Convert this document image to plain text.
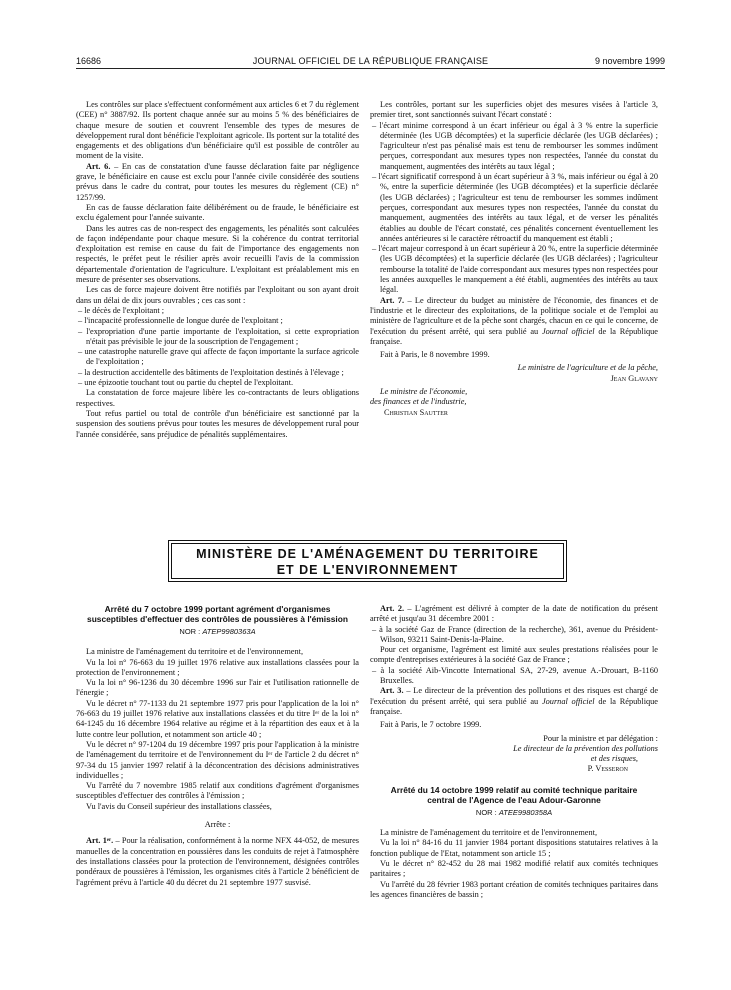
16686	JOURNAL OFFICIEL DE LA RÉPUBLIQUE FRANÇAISE	9 novembre 1999

Les contrôles sur place s'effectuent conformément aux articles 6 et 7 du règlement (CEE) n° 3887/92. Ils portent chaque année sur au moins 5 % des bénéficiaires de chaque mesure de soutien et couvrent l'ensemble des types de mesures de développement rural dont bénéficie l'exploitant agricole. Ils portent sur la totalité des engagements et des obligations d'un bénéficiaire qu'il est possible de contrôler au moment de la visite.

Art. 6. – En cas de constatation d'une fausse déclaration faite par négligence grave, le bénéficiaire en cause est exclu pour l'année civile considérée des soutiens prévus dans le cadre du contrat, pour toutes les mesures du règlement (CE) n° 1257/99.

En cas de fausse déclaration faite délibérément ou de fraude, le bénéficiaire est exclu également pour l'année suivante.

Dans les autres cas de non-respect des engagements, les pénalités sont calculées de façon indépendante pour chaque mesure. Si la cohérence du contrat territorial d'exploitation est remise en cause du fait de l'importance des engagements non respectés, le préfet peut le résilier après avoir recueilli l'avis de la commission départementale d'orientation de l'agriculture. L'exploitant est préalablement mis en mesure de présenter ses observations.

Les cas de force majeure doivent être notifiés par l'exploitant ou son ayant droit dans un délai de dix jours ouvrables ; ces cas sont :

– le décès de l'exploitant ;
– l'incapacité professionnelle de longue durée de l'exploitant ;
– l'expropriation d'une partie importante de l'exploitation, si cette expropriation n'était pas prévisible le jour de la souscription de l'engagement ;
– une catastrophe naturelle grave qui affecte de façon importante la surface agricole de l'exploitation ;
– la destruction accidentelle des bâtiments de l'exploitation destinés à l'élevage ;
– une épizootie touchant tout ou partie du cheptel de l'exploitant.

La constatation de force majeure libère les co-contractants de leurs obligations respectives.

Tout refus partiel ou total de contrôle d'un bénéficiaire est sanctionné par la suspension des soutiens prévus pour toutes les mesures de développement rural pour l'année considérée, sans préjudice de pénalités supplémentaires.

Les contrôles, portant sur les superficies objet des mesures visées à l'article 3, premier tiret, sont sanctionnés suivant l'écart constaté :

– l'écart minime correspond à un écart inférieur ou égal à 3 % entre la superficie déterminée (les UGB décomptées) et la superficie déclarée (les UGB déclarées) ; l'agriculteur n'est pas pénalisé mais est tenu de rembourser les sommes indûment perçues, correspondant aux mesures types non respectées, l'année du constat du manquement, augmentées des intérêts au taux légal ;
– l'écart significatif correspond à un écart supérieur à 3 %, mais inférieur ou égal à 20 %, entre la superficie déterminée (les UGB décomptées) et la superficie déclarée (les UGB déclarées) ; l'agriculteur est tenu de rembourser les sommes indûment perçues, correspondant aux mesures types non respectées, l'année du constat du manquement, augmentées des intérêts au taux légal, et de verser les pénalités établies au double de l'écart constaté, ces pénalités concernent éventuellement les années antérieures si le caractère rétroactif du manquement est établi ;
– l'écart majeur correspond à un écart supérieur à 20 %, entre la superficie déterminée (les UGB décomptées) et la superficie déclarée (les UGB déclarées) ; l'agriculteur rembourse la totalité de l'aide correspondant aux mesures types non respectées pour les années auxquelles le manquement a été établi, augmentées des intérêts au taux légal.

Art. 7. – Le directeur du budget au ministère de l'économie, des finances et de l'industrie et le directeur des exploitations, de la politique sociale et de l'emploi au ministère de l'agriculture et de la pêche sont chargés, chacun en ce qui le concerne, de l'exécution du présent arrêté, qui sera publié au Journal officiel de la République française.

Fait à Paris, le 8 novembre 1999.

Le ministre de l'agriculture et de la pêche,

Jean Glavany

Le ministre de l'économie,

des finances et de l'industrie,

Christian Sautter

MINISTÈRE DE L'AMÉNAGEMENT DU TERRITOIRE
ET DE L'ENVIRONNEMENT
Arrêté du 7 octobre 1999 portant agrément d'organismes susceptibles d'effectuer des contrôles de poussières à l'émission
NOR : ATEP9980363A

La ministre de l'aménagement du territoire et de l'environnement,

Vu la loi n° 76-663 du 19 juillet 1976 relative aux installations classées pour la protection de l'environnement ;

Vu la loi n° 96-1236 du 30 décembre 1996 sur l'air et l'utilisation rationnelle de l'énergie ;

Vu le décret n° 77-1133 du 21 septembre 1977 pris pour l'application de la loi n° 76-663 du 19 juillet 1976 relative aux installations classées et du titre Iᵉʳ de la loi n° 64-1245 du 16 décembre 1964 relative au régime et à la répartition des eaux et à la lutte contre leur pollution, et notamment son article 40 ;

Vu le décret n° 97-1204 du 19 décembre 1997 pris pour l'application à la ministre de l'aménagement du territoire et de l'environnement du Iᵉʳ de l'article 2 du décret n° 97-34 du 15 janvier 1997 relatif à la déconcentration des décisions administratives individuelles ;

Vu l'arrêté du 7 novembre 1985 relatif aux conditions d'agrément d'organismes susceptibles d'effectuer des contrôles à l'émission ;

Vu l'avis du Conseil supérieur des installations classées,

Arrête :

Art. 1ᵉʳ. – Pour la réalisation, conformément à la norme NFX 44-052, de mesures manuelles de la concentration en poussières dans les conduits de rejet à l'atmosphère des installations classées pour la protection de l'environnement, désignées contrôles pondéraux de poussières à l'émission, les organismes cités à l'article 2 bénéficient de l'agrément prévu à l'article 40 du décret du 21 septembre 1977 susvisé.

Art. 2. – L'agrément est délivré à compter de la date de notification du présent arrêté et jusqu'au 31 décembre 2001 :

– à la société Gaz de France (direction de la recherche), 361, avenue du Président-Wilson, 93211 Saint-Denis-la-Plaine.

Pour cet organisme, l'agrément est limité aux seules prestations réalisées pour le compte d'entreprises extérieures à la société Gaz de France ;

– à la société Aib-Vincotte International SA, 27-29, avenue A.-Drouart, B-1160 Bruxelles.

Art. 3. – Le directeur de la prévention des pollutions et des risques est chargé de l'exécution du présent arrêté, qui sera publié au Journal officiel de la République française.

Fait à Paris, le 7 octobre 1999.

Pour la ministre et par délégation :

Le directeur de la prévention des pollutions

et des risques,

P. Vesseron

Arrêté du 14 octobre 1999 relatif au comité technique paritaire central de l'Agence de l'eau Adour-Garonne
NOR : ATEE9980358A

La ministre de l'aménagement du territoire et de l'environnement,

Vu la loi n° 84-16 du 11 janvier 1984 portant dispositions statutaires relatives à la fonction publique de l'Etat, notamment son article 15 ;

Vu le décret n° 82-452 du 28 mai 1982 modifié relatif aux comités techniques paritaires ;

Vu l'arrêté du 28 février 1983 portant création de comités techniques paritaires dans les agences financières de bassin ;
